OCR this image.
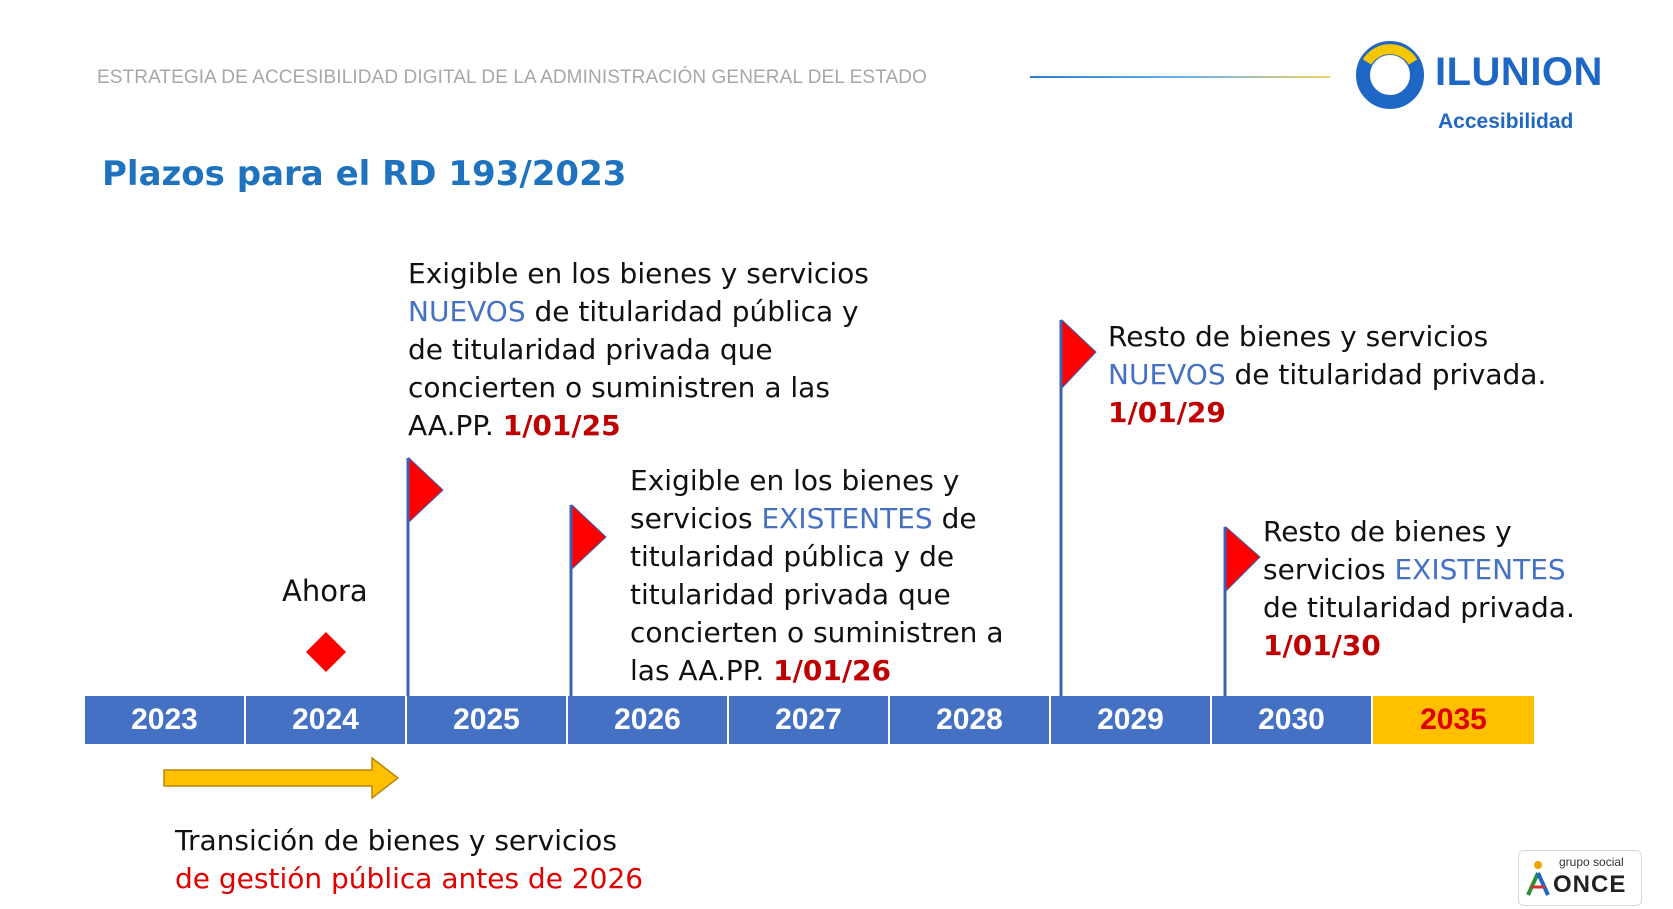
ESTRATEGIA DE ACCESIBILIDAD DIGITAL DE LA ADMINISTRACIÓN GENERAL DEL ESTADO	ILUNION
Accesibilidad
Plazos para el RD 193/2023
Exigible en los bienes y servicios
NUEVOS de titularidad pública y
de titularidad privada que
concierten o suministren a las
AA.PP. 1/01/25
Exigible en los bienes y
servicios EXISTENTES de
titularidad pública y de
titularidad privada que
concierten o suministren a
las AA.PP. 1/01/26
Resto de bienes y servicios
NUEVOS de titularidad privada.
1/01/29
Resto de bienes y
servicios EXISTENTES
de titularidad privada.
1/01/30
Ahora
2023	2024	2025	2026	2027	2028	2029	2030	2035
Transición de bienes y servicios
de gestión pública antes de 2026	grupo social
ONCE
